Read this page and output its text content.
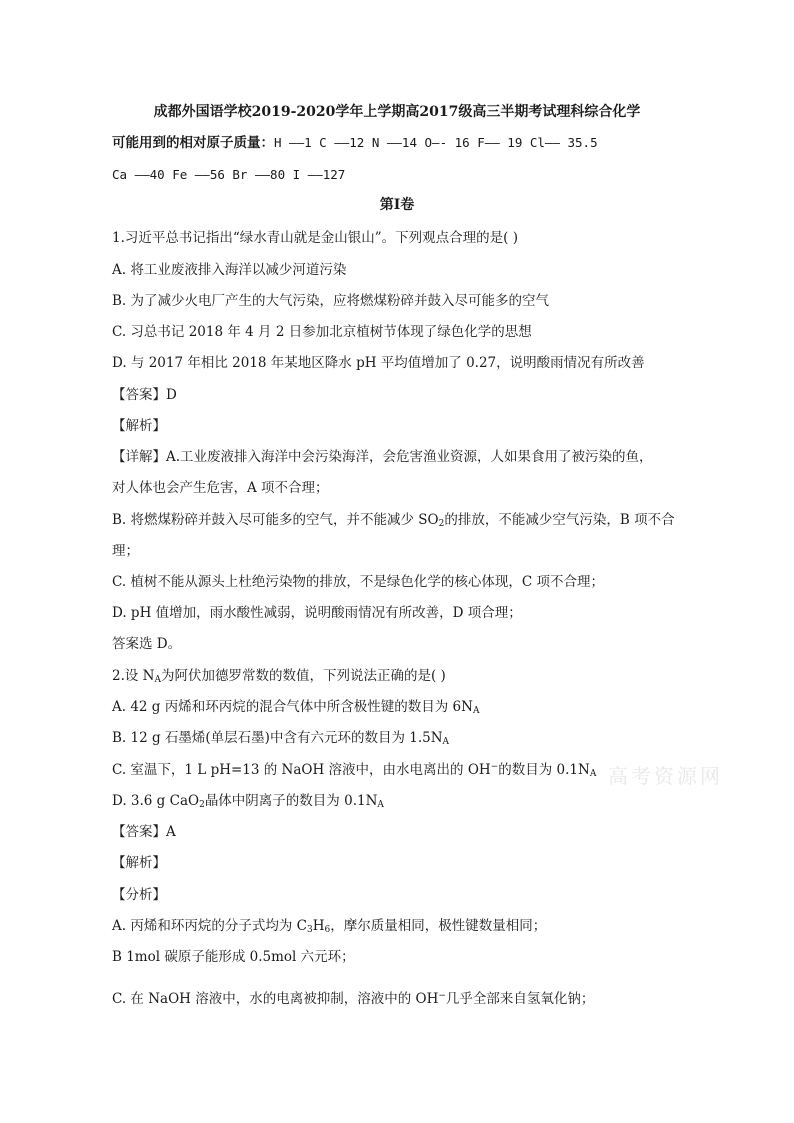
成都外国语学校2019-2020学年上学期高2017级高三半期考试理科综合化学
可能用到的相对原子质量：H ——1 C ——12 N ——14 O—- 16 F—— 19 Cl—— 35.5
Ca ——40 Fe ——56 Br ——80 I ——127
第Ⅰ卷
1.习近平总书记指出“绿水青山就是金山银山”。下列观点合理的是( )
A. 将工业废液排入海洋以减少河道污染
B. 为了减少火电厂产生的大气污染，应将燃煤粉碎并鼓入尽可能多的空气
C. 习总书记 2018 年 4 月 2 日参加北京植树节体现了绿色化学的思想
D. 与 2017 年相比 2018 年某地区降水 pH 平均值增加了 0.27，说明酸雨情况有所改善
【答案】D
【解析】
【详解】A.工业废液排入海洋中会污染海洋，会危害渔业资源，人如果食用了被污染的鱼，
对人体也会产生危害，A 项不合理；
B. 将燃煤粉碎并鼓入尽可能多的空气，并不能减少 $SO_2$的排放，不能减少空气污染，B 项不合
理；
C. 植树不能从源头上杜绝污染物的排放，不是绿色化学的核心体现，C 项不合理；
D. pH 值增加，雨水酸性减弱，说明酸雨情况有所改善，D 项合理；
答案选 D。
2.设 $N_A$为阿伏加德罗常数的数值，下列说法正确的是( )
A. 42 g 丙烯和环丙烷的混合气体中所含极性键的数目为 $6N_A$
B. 12 g 石墨烯(单层石墨)中含有六元环的数目为 $1.5N_A$
C. 室温下，1 L pH=13 的 NaOH 溶液中，由水电离出的 OH−的数目为 $0.1N_A$
D. 3.6 g CaO$_2$晶体中阴离子的数目为 $0.1N_A$
【答案】A
【解析】
【分析】
A. 丙烯和环丙烷的分子式均为 $C_3H_6$，摩尔质量相同，极性键数量相同；
B 1mol 碳原子能形成 0.5mol 六元环；
C. 在 NaOH 溶液中，水的电离被抑制，溶液中的 OH−几乎全部来自氢氧化钠；
高考资源网
